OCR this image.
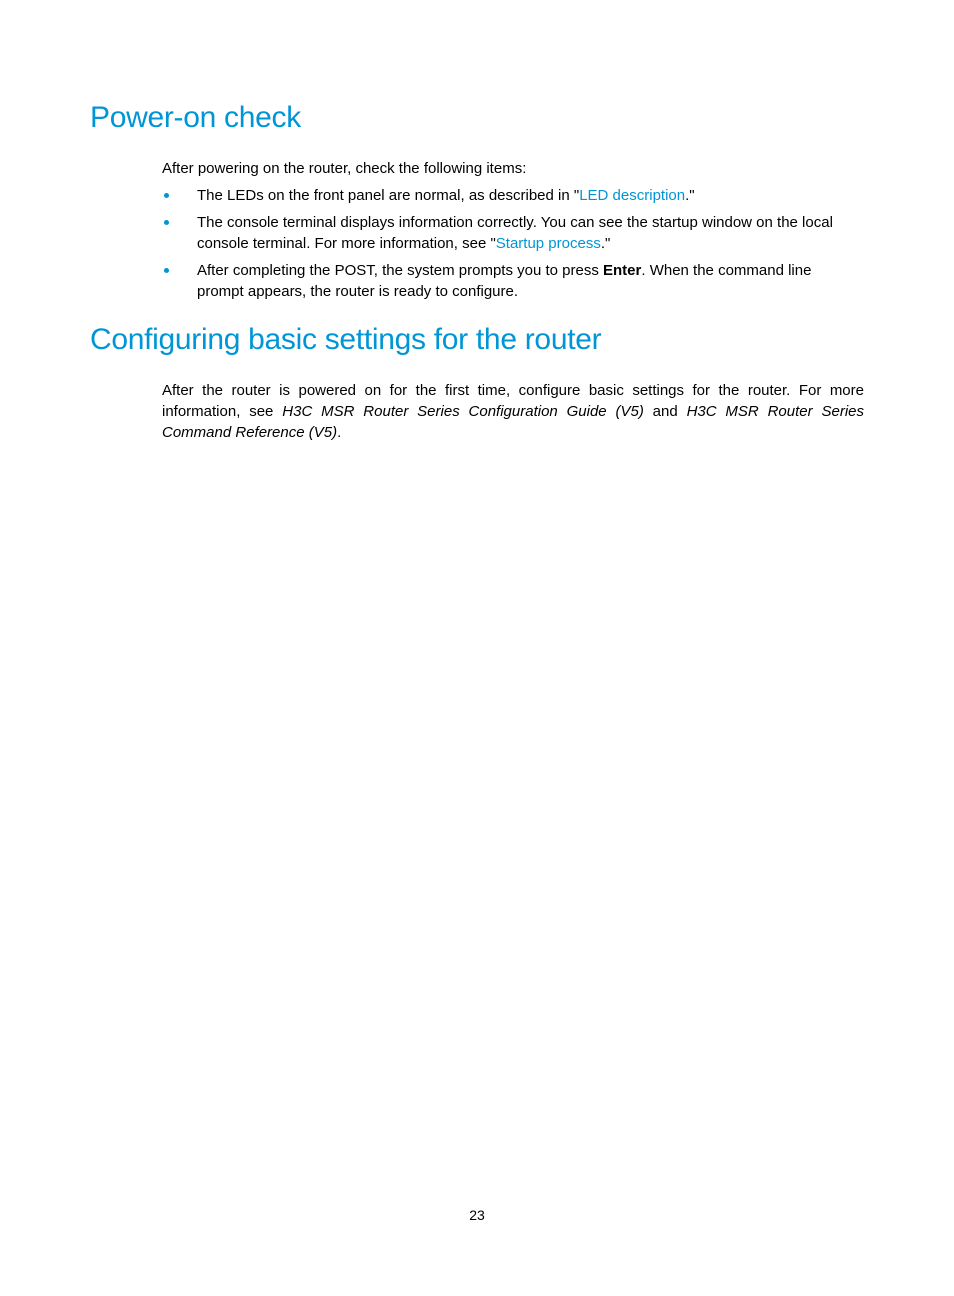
Power-on check

After powering on the router, check the following items:

The LEDs on the front panel are normal, as described in "LED description."
The console terminal displays information correctly. You can see the startup window on the local console terminal. For more information, see "Startup process."
After completing the POST, the system prompts you to press Enter. When the command line prompt appears, the router is ready to configure.
Configuring basic settings for the router

After the router is powered on for the first time, configure basic settings for the router. For more information, see H3C MSR Router Series Configuration Guide (V5) and H3C MSR Router Series Command Reference (V5).

23
